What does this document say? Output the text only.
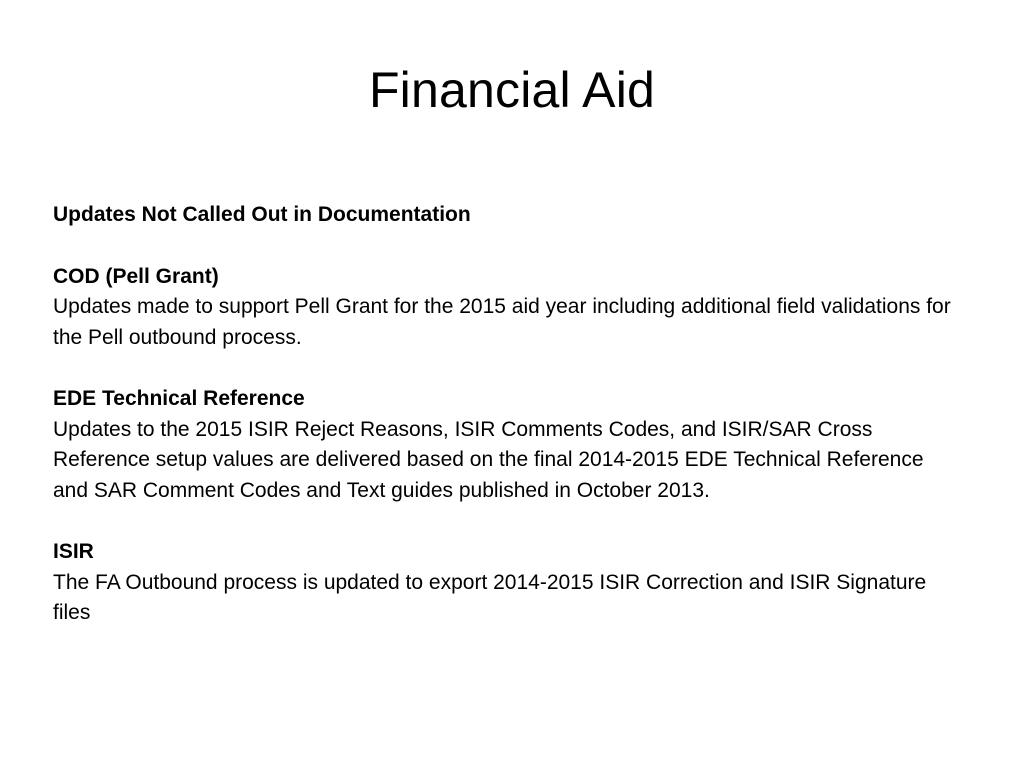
Financial Aid

Updates Not Called Out in Documentation

COD (Pell Grant)

Updates made to support Pell Grant for the 2015 aid year including additional field validations for the Pell outbound process.

EDE Technical Reference

Updates to the 2015 ISIR Reject Reasons, ISIR Comments Codes, and ISIR/SAR Cross Reference setup values are delivered based on the final 2014-2015 EDE Technical Reference and SAR Comment Codes and Text guides published in October 2013.

ISIR

The FA Outbound process is updated to export 2014-2015 ISIR Correction and ISIR Signature files
